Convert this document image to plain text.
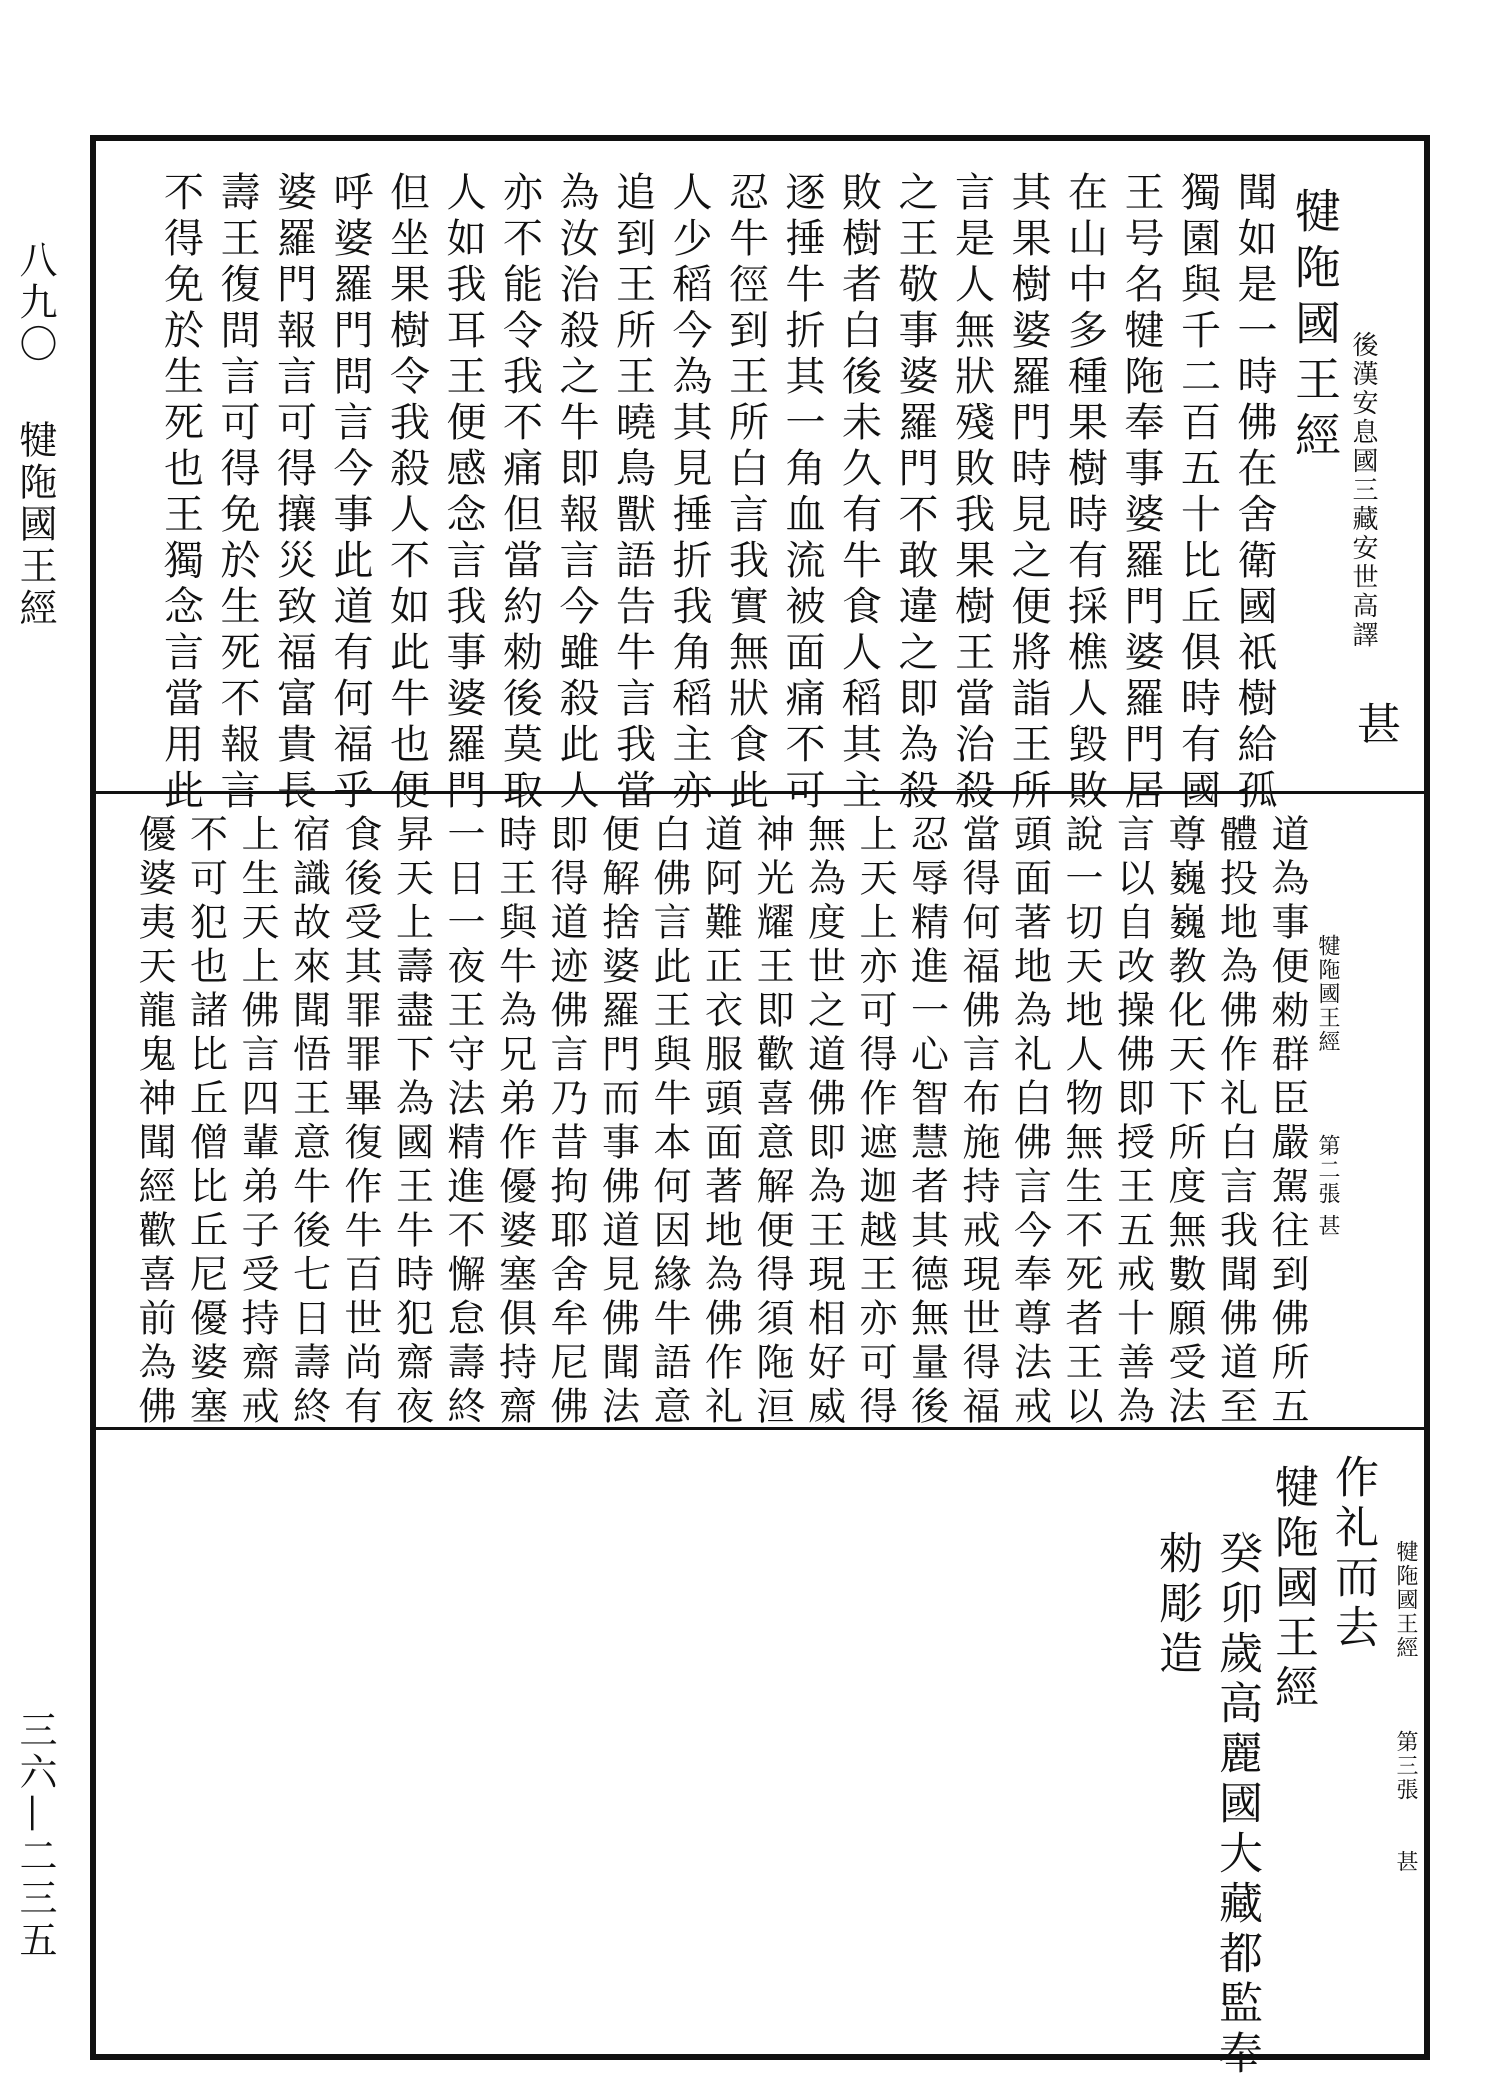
八九〇
犍陁國王經
三六—二三五
犍陁國王經
後漢安息國三藏安世高譯
甚
聞如是一時佛在舍衛國祇樹給孤
獨園與千二百五十比丘俱時有國
王号名犍陁奉事婆羅門婆羅門居
在山中多種果樹時有採樵人毀敗
其果樹婆羅門時見之便將詣王所
言是人無狀殘敗我果樹王當治殺
之王敬事婆羅門不敢違之即為殺
敗樹者白後未久有牛食人稻其主
逐捶牛折其一角血流被面痛不可
忍牛徑到王所白言我實無狀食此
人少稻今為其見捶折我角稻主亦
追到王所王曉鳥獸語告牛言我當
為汝治殺之牛即報言今雖殺此人
亦不能令我不痛但當約勑後莫取
人如我耳王便感念言我事婆羅門
但坐果樹令我殺人不如此牛也便
呼婆羅門問言今事此道有何福乎
婆羅門報言可得攘災致福富貴長
壽王復問言可得免於生死不報言
不得免於生死也王獨念言當用此
犍陁國王經
第二張
甚
道為事便勑群臣嚴駕往到佛所五
體投地為佛作礼白言我聞佛道至
尊巍巍教化天下所度無數願受法
言以自改操佛即授王五戒十善為
說一切天地人物無生不死者王以
頭面著地為礼白佛言今奉尊法戒
當得何福佛言布施持戒現世得福
忍辱精進一心智慧者其德無量後
上天上亦可得作遮迦越王亦可得
無為度世之道佛即為王現相好威
神光耀王即歡喜意解便得須陁洹
道阿難正衣服頭面著地為佛作礼
白佛言此王與牛本何因緣牛語意
便解捨婆羅門而事佛道見佛聞法
即得道迹佛言乃昔拘耶舍牟尼佛
時王與牛為兄弟作優婆塞俱持齋
一日一夜王守法精進不懈怠壽終
昇天上壽盡下為國王牛時犯齋夜
食後受其罪罪畢復作牛百世尚有
宿識故來聞悟王意牛後七日壽終
上生天上佛言四輩弟子受持齋戒
不可犯也諸比丘僧比丘尼優婆塞
優婆夷天龍鬼神聞經歡喜前為佛
作礼而去 犍陁國王經
第三張
甚
犍陁國王經
癸卯歲高麗國大藏都監奉
勑彫造
